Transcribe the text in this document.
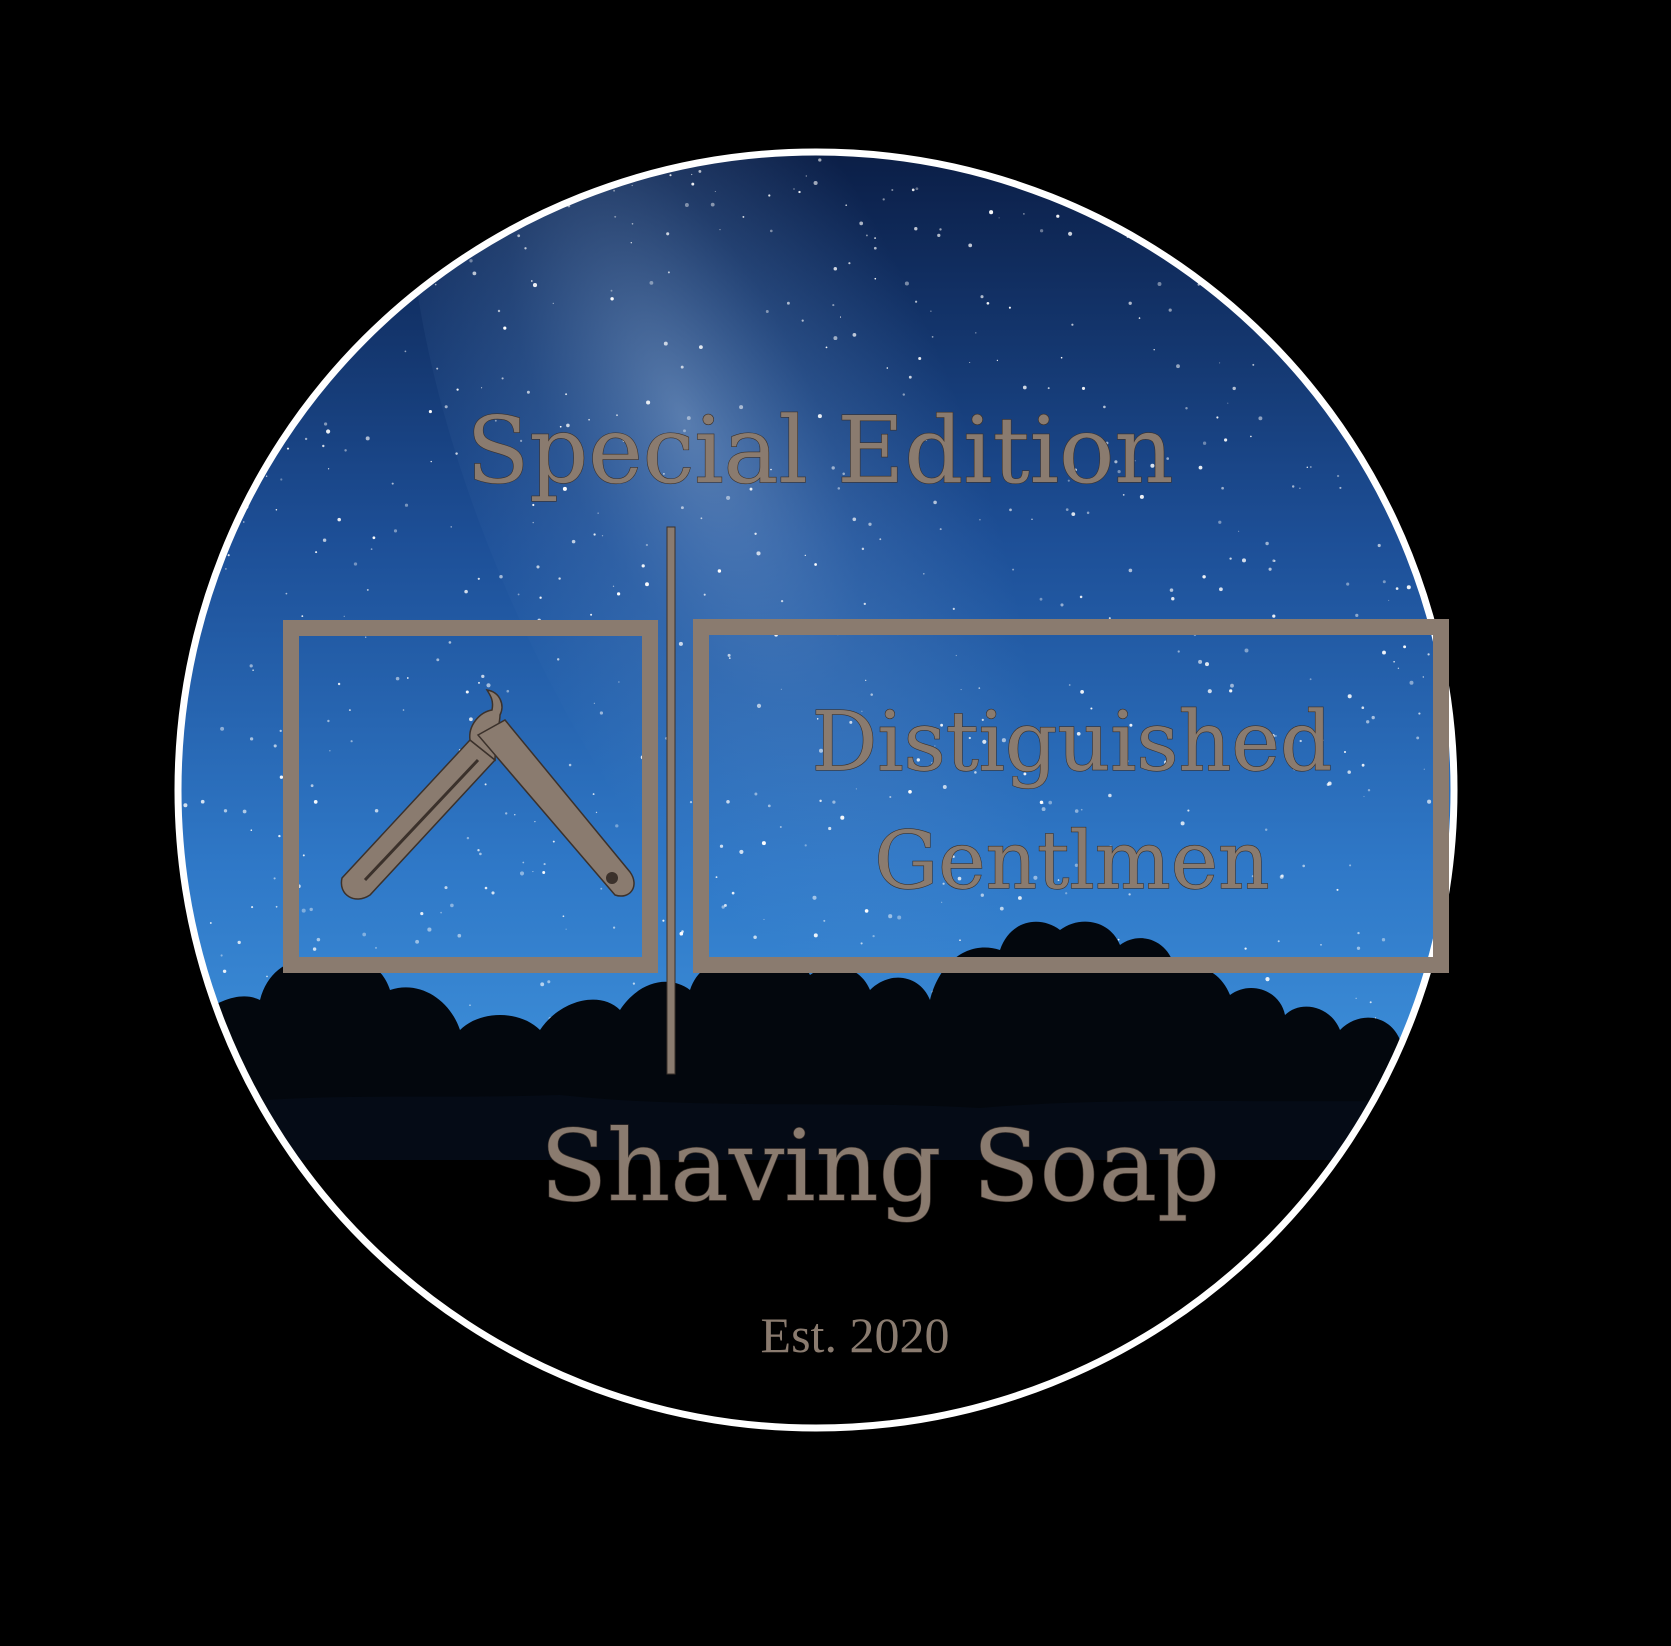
Special Edition
Distiguished
Gentlmen
Shaving Soap
Est. 2020
